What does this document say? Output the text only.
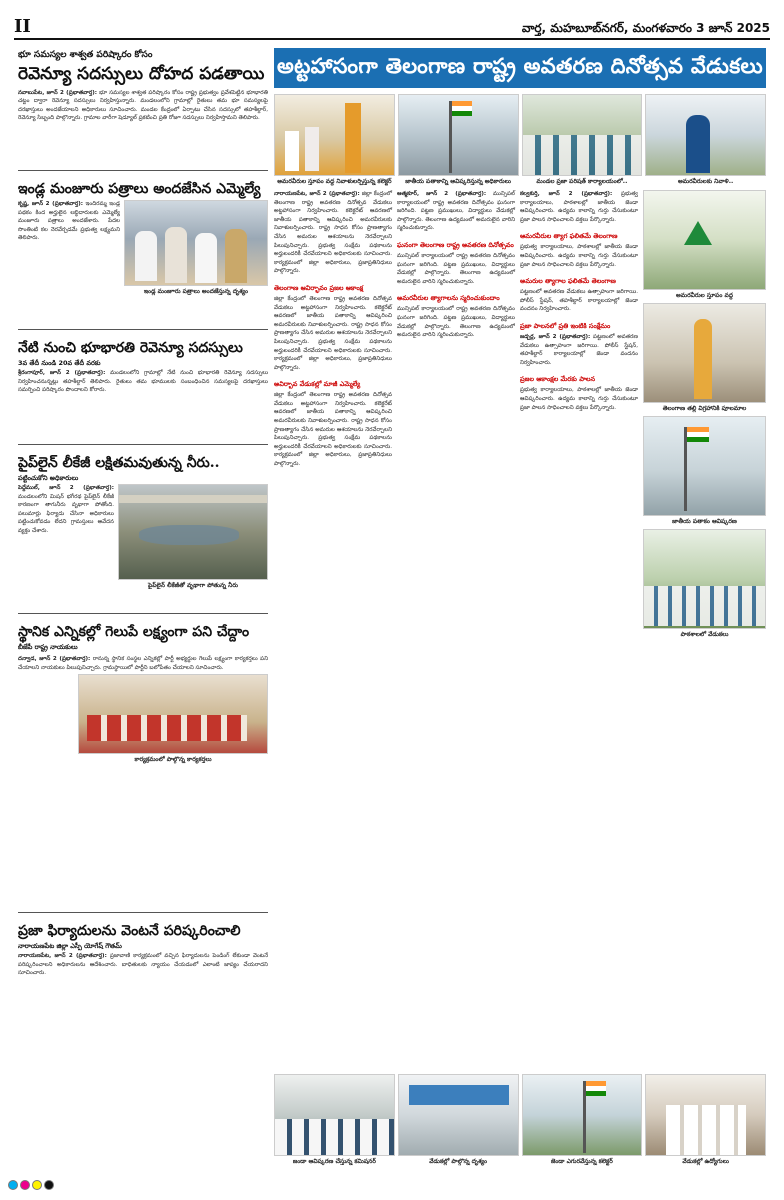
II	వార్త, మహబూబ్‌నగర్, మంగళవారం 3 జూన్ 2025
భూ సమస్యల శాశ్వత పరిష్కారం కోసం
రెవెన్యూ సదస్సులు దోహద పడతాయి

నవాబుపేట, జూన్ 2 (ప్రభాతవార్త): భూ సమస్యల శాశ్వత పరిష్కారం కోసం రాష్ట్ర ప్రభుత్వం ప్రవేశపెట్టిన భూభారతి చట్టం ద్వారా రెవెన్యూ సదస్సులు నిర్వహిస్తున్నారు. మండలంలోని గ్రామాల్లో రైతులు తమ భూ సమస్యలపై దరఖాస్తులు అందజేయాలని అధికారులు సూచించారు. మండల కేంద్రంలో ఏర్పాటు చేసిన సదస్సులో తహశీల్దార్, రెవెన్యూ సిబ్బంది పాల్గొన్నారు. గ్రామాల వారీగా షెడ్యూల్ ప్రకటించి ప్రతి రోజూ సదస్సులు నిర్వహిస్తామని తెలిపారు.

ఇండ్ల మంజూరు పత్రాలు అందజేసిన ఎమ్మెల్యే

కృష్ణ, జూన్ 2 (ప్రభాతవార్త): ఇందిరమ్మ ఇండ్ల పథకం కింద అర్హులైన లబ్ధిదారులకు ఎమ్మెల్యే మంజూరు పత్రాలు అందజేశారు. పేదల సొంతింటి కల నెరవేర్చడమే ప్రభుత్వ లక్ష్యమని తెలిపారు.

ఇండ్ల మంజూరు పత్రాలు అందజేస్తున్న దృశ్యం
నేటి నుంచి భూభారతి రెవెన్యూ సదస్సులు
3వ తేదీ నుండి 20వ తేదీ వరకు

శ్రీరంగాపూర్, జూన్ 2 (ప్రభాతవార్త): మండలంలోని గ్రామాల్లో నేటి నుంచి భూభారతి రెవెన్యూ సదస్సులు నిర్వహించనున్నట్లు తహశీల్దార్ తెలిపారు. రైతులు తమ భూములకు సంబంధించిన సమస్యలపై దరఖాస్తులు సమర్పించి పరిష్కారం పొందాలని కోరారు.

పైప్‌లైన్ లీకేజీ లక్షితమవుతున్న నీరు..
పట్టించుకోని అధికారులు

పెద్దేముల్, జూన్ 2 (ప్రభాతవార్త): మండలంలోని మిషన్ భగీరథ పైప్‌లైన్ లీకేజీ కారణంగా తాగునీరు వృథాగా పోతోంది. పలుమార్లు ఫిర్యాదు చేసినా అధికారులు పట్టించుకోవడం లేదని గ్రామస్తులు ఆవేదన వ్యక్తం చేశారు.

పైప్‌లైన్ లీకేజీతో వృథాగా పోతున్న నీరు
స్థానిక ఎన్నికల్లో గెలుపే లక్ష్యంగా పని చేద్దాం
బీజేపీ రాష్ట్ర నాయకులు

దన్వాడ, జూన్ 2 (ప్రభాతవార్త): రానున్న స్థానిక సంస్థల ఎన్నికల్లో పార్టీ అభ్యర్థుల గెలుపే లక్ష్యంగా కార్యకర్తలు పని చేయాలని నాయకులు పిలుపునిచ్చారు. గ్రామస్థాయిలో పార్టీని బలోపేతం చేయాలని సూచించారు.

కార్యక్రమంలో పాల్గొన్న కార్యకర్తలు
ప్రజా ఫిర్యాదులను వెంటనే పరిష్కరించాలి
నారాయణపేట జిల్లా ఎస్పీ యోగేష్ గౌతమ్

నారాయణపేట, జూన్ 2 (ప్రభాతవార్త): ప్రజావాణి కార్యక్రమంలో వచ్చిన ఫిర్యాదులను పెండింగ్ లేకుండా వెంటనే పరిష్కరించాలని అధికారులను ఆదేశించారు. బాధితులకు న్యాయం చేయడంలో ఎలాంటి జాప్యం చేయరాదని సూచించారు.

అట్టహాసంగా తెలంగాణ రాష్ట్ర అవతరణ దినోత్సవ వేడుకలు
అమరవీరుల స్తూపం వద్ద నివాళులర్పిస్తున్న కలెక్టర్	జాతీయ పతాకాన్ని ఆవిష్కరిస్తున్న అధికారులు	మండల ప్రజా పరిషత్ కార్యాలయంలో..	అమరవీరులకు నివాళి..

నారాయణపేట, జూన్ 2 (ప్రభాతవార్త): జిల్లా కేంద్రంలో తెలంగాణ రాష్ట్ర అవతరణ దినోత్సవ వేడుకలు అట్టహాసంగా నిర్వహించారు. కలెక్టరేట్ ఆవరణలో జాతీయ పతాకాన్ని ఆవిష్కరించి అమరవీరులకు నివాళులర్పించారు. రాష్ట్ర సాధన కోసం ప్రాణత్యాగం చేసిన అమరుల ఆశయాలను నెరవేర్చాలని పిలుపునిచ్చారు. ప్రభుత్వ సంక్షేమ పథకాలను అర్హులందరికీ చేరవేయాలని అధికారులకు సూచించారు. కార్యక్రమంలో జిల్లా అధికారులు, ప్రజాప్రతినిధులు పాల్గొన్నారు.

తెలంగాణ ఆవిర్భావం ప్రజల ఆకాంక్ష

జిల్లా కేంద్రంలో తెలంగాణ రాష్ట్ర అవతరణ దినోత్సవ వేడుకలు అట్టహాసంగా నిర్వహించారు. కలెక్టరేట్ ఆవరణలో జాతీయ పతాకాన్ని ఆవిష్కరించి అమరవీరులకు నివాళులర్పించారు. రాష్ట్ర సాధన కోసం ప్రాణత్యాగం చేసిన అమరుల ఆశయాలను నెరవేర్చాలని పిలుపునిచ్చారు. ప్రభుత్వ సంక్షేమ పథకాలను అర్హులందరికీ చేరవేయాలని అధికారులకు సూచించారు. కార్యక్రమంలో జిల్లా అధికారులు, ప్రజాప్రతినిధులు పాల్గొన్నారు.

అవిర్బావ వేడుకల్లో మాజీ ఎమ్మెల్యే

జిల్లా కేంద్రంలో తెలంగాణ రాష్ట్ర అవతరణ దినోత్సవ వేడుకలు అట్టహాసంగా నిర్వహించారు. కలెక్టరేట్ ఆవరణలో జాతీయ పతాకాన్ని ఆవిష్కరించి అమరవీరులకు నివాళులర్పించారు. రాష్ట్ర సాధన కోసం ప్రాణత్యాగం చేసిన అమరుల ఆశయాలను నెరవేర్చాలని పిలుపునిచ్చారు. ప్రభుత్వ సంక్షేమ పథకాలను అర్హులందరికీ చేరవేయాలని అధికారులకు సూచించారు. కార్యక్రమంలో జిల్లా అధికారులు, ప్రజాప్రతినిధులు పాల్గొన్నారు.

ఆత్మకూర్, జూన్ 2 (ప్రభాతవార్త): మున్సిపల్ కార్యాలయంలో రాష్ట్ర అవతరణ దినోత్సవం ఘనంగా జరిగింది. పట్టణ ప్రముఖులు, విద్యార్థులు వేడుకల్లో పాల్గొన్నారు. తెలంగాణ ఉద్యమంలో అమరులైన వారిని స్మరించుకున్నారు.

ఘనంగా తెలంగాణ రాష్ట్ర అవతరణ దినోత్సవం

మున్సిపల్ కార్యాలయంలో రాష్ట్ర అవతరణ దినోత్సవం ఘనంగా జరిగింది. పట్టణ ప్రముఖులు, విద్యార్థులు వేడుకల్లో పాల్గొన్నారు. తెలంగాణ ఉద్యమంలో అమరులైన వారిని స్మరించుకున్నారు.

అమరవీరుల త్యాగాలను స్మరించుకుందాం

మున్సిపల్ కార్యాలయంలో రాష్ట్ర అవతరణ దినోత్సవం ఘనంగా జరిగింది. పట్టణ ప్రముఖులు, విద్యార్థులు వేడుకల్లో పాల్గొన్నారు. తెలంగాణ ఉద్యమంలో అమరులైన వారిని స్మరించుకున్నారు.

కల్వకుర్తి, జూన్ 2 (ప్రభాతవార్త): ప్రభుత్వ కార్యాలయాలు, పాఠశాలల్లో జాతీయ జెండా ఆవిష్కరించారు. ఉద్యమ కాలాన్ని గుర్తు చేసుకుంటూ ప్రజా పాలన సాధించాలని వక్తలు పేర్కొన్నారు.

ఆమరవీరుల త్యాగ ఫలితమే తెలంగాణ

ప్రభుత్వ కార్యాలయాలు, పాఠశాలల్లో జాతీయ జెండా ఆవిష్కరించారు. ఉద్యమ కాలాన్ని గుర్తు చేసుకుంటూ ప్రజా పాలన సాధించాలని వక్తలు పేర్కొన్నారు.

అమరుల త్యాగాల ఫలితమే తెలంగాణ

పట్టణంలో అవతరణ వేడుకలు ఉత్సాహంగా జరిగాయి. పోలీస్ స్టేషన్, తహశీల్దార్ కార్యాలయాల్లో జెండా వందనం నిర్వహించారు.

ప్రజా పాలనలో ప్రతి ఇంటికి సంక్షేమం

జడ్చర్ల, జూన్ 2 (ప్రభాతవార్త): పట్టణంలో అవతరణ వేడుకలు ఉత్సాహంగా జరిగాయి. పోలీస్ స్టేషన్, తహశీల్దార్ కార్యాలయాల్లో జెండా వందనం నిర్వహించారు.

ప్రజల ఆకాంక్షల మేరకు పాలన

ప్రభుత్వ కార్యాలయాలు, పాఠశాలల్లో జాతీయ జెండా ఆవిష్కరించారు. ఉద్యమ కాలాన్ని గుర్తు చేసుకుంటూ ప్రజా పాలన సాధించాలని వక్తలు పేర్కొన్నారు.

అమరవీరుల స్తూపం వద్ద
తెలంగాణ తల్లి విగ్రహానికి పూలమాల
జాతీయ పతాకం ఆవిష్కరణ
పాఠశాలలో వేడుకలు
జండా ఆవిష్కరణ చేస్తున్న కమిషనర్	వేడుకల్లో పాల్గొన్న దృశ్యం	జెండా ఎగురవేస్తున్న కలెక్టర్	వేడుకల్లో ఉద్యోగులు
